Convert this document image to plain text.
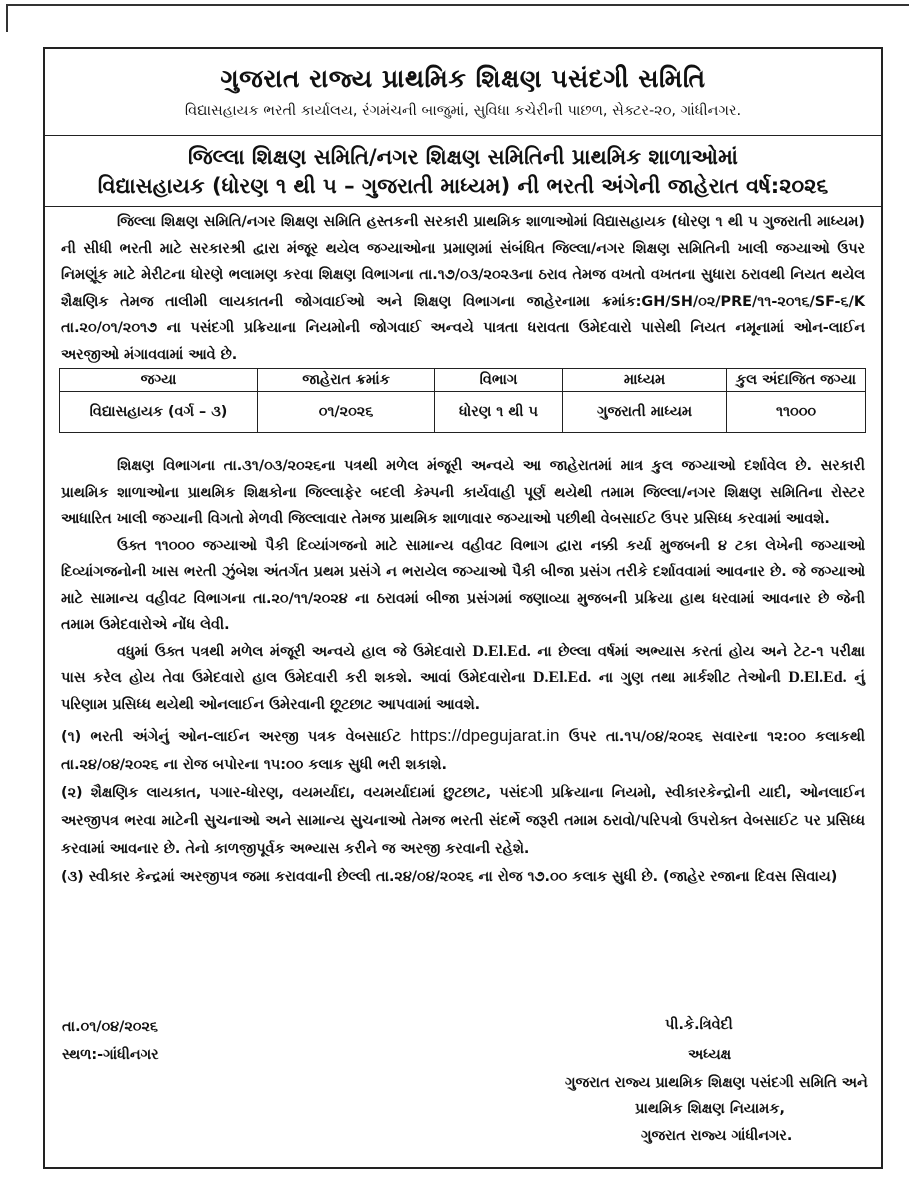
ગુજરાત રાજ્ય પ્રાથમિક શિક્ષણ પસંદગી સમિતિ
વિદ્યાસહાયક ભરતી કાર્યાલય, રંગમંચની બાજુમાં, સુવિધા કચેરીની પાછળ, સેક્ટર-૨૦, ગાંધીનગર.
જિલ્લા શિક્ષણ સમિતિ/નગર શિક્ષણ સમિતિની પ્રાથમિક શાળાઓમાં
વિદ્યાસહાયક (ધોરણ ૧ થી ૫ – ગુજરાતી માધ્યમ) ની ભરતી અંગેની જાહેરાત વર્ષ:૨૦૨૬

જિલ્લા શિક્ષણ સમિતિ/નગર શિક્ષણ સમિતિ હસ્તકની સરકારી પ્રાથમિક શાળાઓમાં વિદ્યાસહાયક (ધોરણ ૧ થી ૫ ગુજરાતી માધ્યમ) ની સીધી ભરતી માટે સરકારશ્રી દ્વારા મંજૂર થયેલ જગ્યાઓના પ્રમાણમાં સંબંધિત જિલ્લા/નગર શિક્ષણ સમિતિની ખાલી જગ્યાઓ ઉપર નિમણૂંક માટે મેરીટના ધોરણે ભલામણ કરવા શિક્ષણ વિભાગના તા.૧૭/૦૩/૨૦૨૩ના ઠરાવ તેમજ વખતો વખતના સુધારા ઠરાવથી નિયત થયેલ શૈક્ષણિક તેમજ તાલીમી લાયકાતની જોગવાઈઓ અને શિક્ષણ વિભાગના જાહેરનામા ક્રમાંક:GH/SH/૦૨/PRE/૧૧-૨૦૧૬/SF-૬/K તા.૨૦/૦૧/૨૦૧૭ ના પસંદગી પ્રક્રિયાના નિયમોની જોગવાઈ અન્વયે પાત્રતા ધરાવતા ઉમેદવારો પાસેથી નિયત નમૂનામાં ઓન-લાઈન અરજીઓ મંગાવવામાં આવે છે.

જગ્યા	જાહેરાત ક્રમાંક	વિભાગ	માધ્યમ	કુલ અંદાજિત જગ્યા
વિદ્યાસહાયક (વર્ગ – ૩)	૦૧/૨૦૨૬	ધોરણ ૧ થી ૫	ગુજરાતી માધ્યમ	૧૧૦૦૦

શિક્ષણ વિભાગના તા.૩૧/૦૩/૨૦૨૬ના પત્રથી મળેલ મંજૂરી અન્વયે આ જાહેરાતમાં માત્ર કુલ જગ્યાઓ દર્શાવેલ છે. સરકારી પ્રાથમિક શાળાઓના પ્રાથમિક શિક્ષકોના જિલ્લાફેર બદલી કેમ્પની કાર્યવાહી પૂર્ણ થયેથી તમામ જિલ્લા/નગર શિક્ષણ સમિતિના રોસ્ટર આધારિત ખાલી જગ્યાની વિગતો મેળવી જિલ્લાવાર તેમજ પ્રાથમિક શાળાવાર જગ્યાઓ પછીથી વેબસાઈટ ઉપર પ્રસિધ્ધ કરવામાં આવશે.

ઉક્ત ૧૧૦૦૦ જગ્યાઓ પૈકી દિવ્યાંગજનો માટે સામાન્ય વહીવટ વિભાગ દ્વારા નક્કી કર્યા મુજબની ૪ ટકા લેખેની જગ્યાઓ દિવ્યાંગજનોની ખાસ ભરતી ઝુંબેશ અંતર્ગત પ્રથમ પ્રસંગે ન ભરાયેલ જગ્યાઓ પૈકી બીજા પ્રસંગ તરીકે દર્શાવવામાં આવનાર છે. જે જગ્યાઓ માટે સામાન્ય વહીવટ વિભાગના તા.૨૦/૧૧/૨૦૨૪ ના ઠરાવમાં બીજા પ્રસંગમાં જણાવ્યા મુજબની પ્રક્રિયા હાથ ધરવામાં આવનાર છે જેની તમામ ઉમેદવારોએ નોંધ લેવી.

વધુમાં ઉક્ત પત્રથી મળેલ મંજૂરી અન્વયે હાલ જે ઉમેદવારો D.El.Ed. ના છેલ્લા વર્ષમાં અભ્યાસ કરતાં હોય અને ટેટ-૧ પરીક્ષા પાસ કરેલ હોય તેવા ઉમેદવારો હાલ ઉમેદવારી કરી શકશે. આવાં ઉમેદવારોના D.El.Ed. ના ગુણ તથા માર્કશીટ તેઓની D.El.Ed. નું પરિણામ પ્રસિધ્ધ થયેથી ઓનલાઈન ઉમેરવાની છૂટછાટ આપવામાં આવશે.

(૧) ભરતી અંગેનું ઓન-લાઈન અરજી પત્રક વેબસાઈટ https://dpegujarat.in ઉપર તા.૧૫/૦૪/૨૦૨૬ સવારના ૧૨:૦૦ કલાકથી તા.૨૪/૦૪/૨૦૨૬ ના રોજ બપોરના ૧૫:૦૦ કલાક સુધી ભરી શકાશે.

(૨) શૈક્ષણિક લાયકાત, પગાર-ધોરણ, વયમર્યાદા, વયમર્યાદામાં છુટછાટ, પસંદગી પ્રક્રિયાના નિયમો, સ્વીકારકેન્દ્રોની યાદી, ઓનલાઈન અરજીપત્ર ભરવા માટેની સુચનાઓ અને સામાન્ય સુચનાઓ તેમજ ભરતી સંદર્ભે જરૂરી તમામ ઠરાવો/પરિપત્રો ઉપરોક્ત વેબસાઈટ પર પ્રસિધ્ધ કરવામાં આવનાર છે. તેનો કાળજીપૂર્વક અભ્યાસ કરીને જ અરજી કરવાની રહેશે.

(૩) સ્વીકાર કેન્દ્રમાં અરજીપત્ર જમા કરાવવાની છેલ્લી તા.૨૪/૦૪/૨૦૨૬ ના રોજ ૧૭.૦૦ કલાક સુધી છે. (જાહેર રજાના દિવસ સિવાય)

તા.૦૧/૦૪/૨૦૨૬
સ્થળ:-ગાંધીનગર
પી.કે.ત્રિવેદી
અધ્યક્ષ
ગુજરાત રાજ્ય પ્રાથમિક શિક્ષણ પસંદગી સમિતિ અને
પ્રાથમિક શિક્ષણ નિયામક,
ગુજરાત રાજ્ય ગાંધીનગર.
